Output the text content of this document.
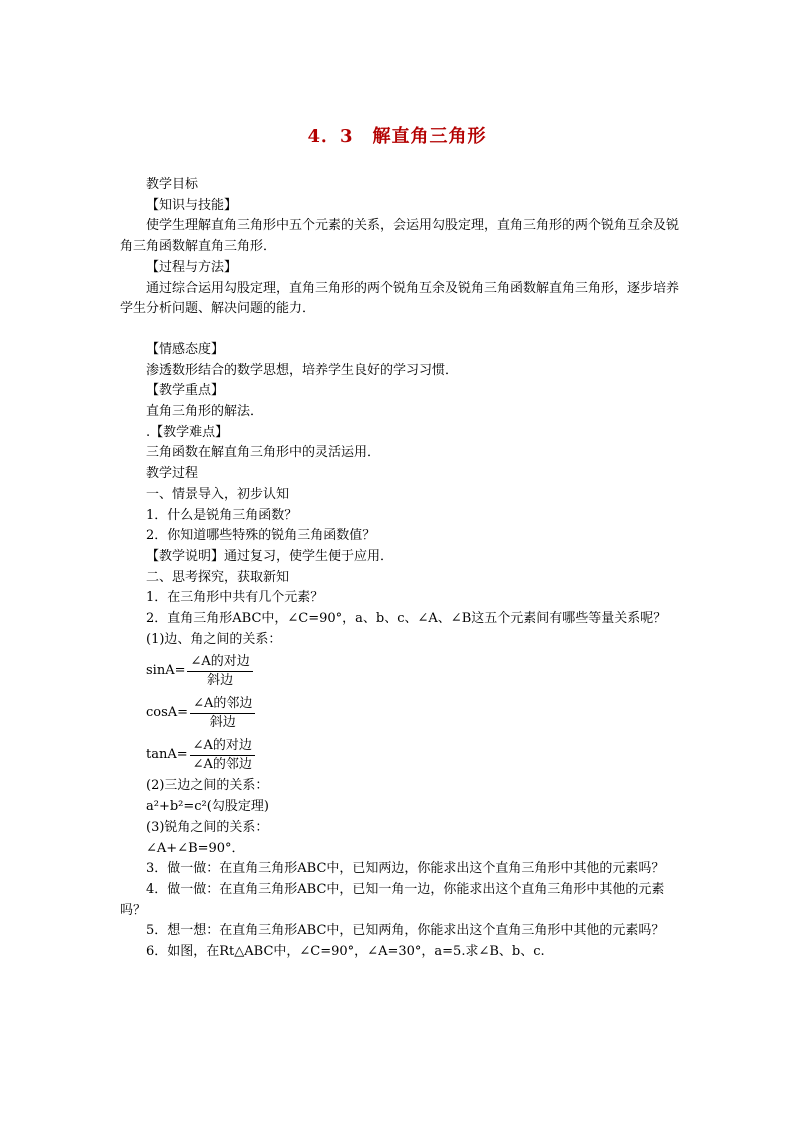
4．3　解直角三角形

教学目标

【知识与技能】

使学生理解直角三角形中五个元素的关系，会运用勾股定理，直角三角形的两个锐角互余及锐角三角函数解直角三角形．

【过程与方法】

通过综合运用勾股定理，直角三角形的两个锐角互余及锐角三角函数解直角三角形，逐步培养学生分析问题、解决问题的能力．

【情感态度】

渗透数形结合的数学思想，培养学生良好的学习习惯．

【教学重点】

直角三角形的解法．

.【教学难点】

三角函数在解直角三角形中的灵活运用．

教学过程

一、情景导入，初步认知

1．什么是锐角三角函数？

2．你知道哪些特殊的锐角三角函数值？

【教学说明】通过复习，使学生便于应用．

二、思考探究，获取新知

1．在三角形中共有几个元素？

2．直角三角形ABC中，∠C=90°，a、b、c、∠A、∠B这五个元素间有哪些等量关系呢？

(1)边、角之间的关系：

$\sin A= \frac{\text{∠A的对边}}{\text{斜边}}$
$\cos A= \frac{\text{∠A的邻边}}{\text{斜边}}$
$\tan A= \frac{\text{∠A的对边}}{\text{∠A的邻边}}$

(2)三边之间的关系：

a²+b²=c²(勾股定理)

(3)锐角之间的关系：

∠A+∠B=90°．

3．做一做：在直角三角形ABC中，已知两边，你能求出这个直角三角形中其他的元素吗？

4．做一做：在直角三角形ABC中，已知一角一边，你能求出这个直角三角形中其他的元素吗？

5．想一想：在直角三角形ABC中，已知两角，你能求出这个直角三角形中其他的元素吗？

6．如图，在Rt△ABC中，∠C=90°，∠A=30°，a=5.求∠B、b、c.
